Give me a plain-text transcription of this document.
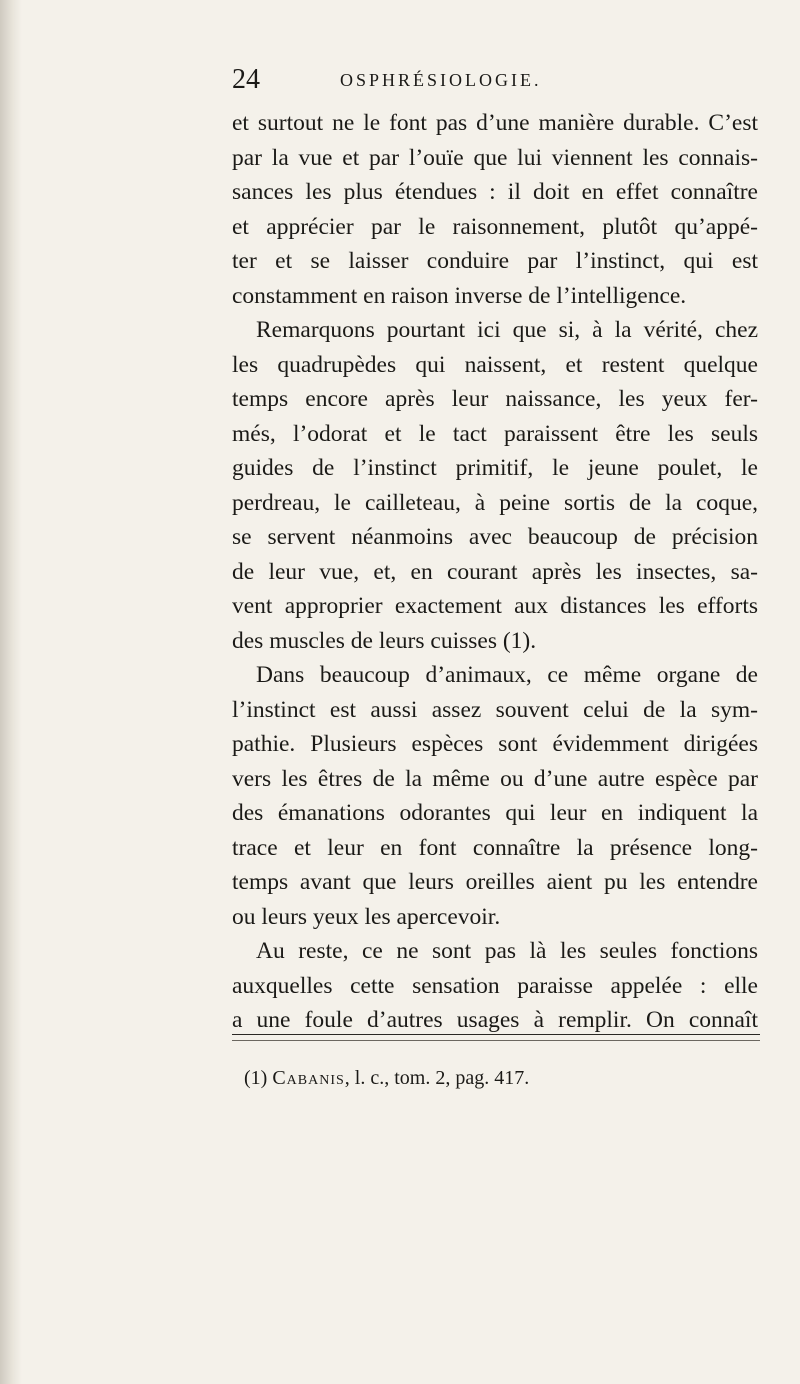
24	OSPHRÉSIOLOGIE.
et surtout ne le font pas d’une manière durable. C’est
par la vue et par l’ouïe que lui viennent les connais-
sances les plus étendues : il doit en effet connaître
et apprécier par le raisonnement, plutôt qu’appé-
ter et se laisser conduire par l’instinct, qui est
constamment en raison inverse de l’intelligence.
Remarquons pourtant ici que si, à la vérité, chez
les quadrupèdes qui naissent, et restent quelque
temps encore après leur naissance, les yeux fer-
més, l’odorat et le tact paraissent être les seuls
guides de l’instinct primitif, le jeune poulet, le
perdreau, le cailleteau, à peine sortis de la coque,
se servent néanmoins avec beaucoup de précision
de leur vue, et, en courant après les insectes, sa-
vent approprier exactement aux distances les efforts
des muscles de leurs cuisses (1).
Dans beaucoup d’animaux, ce même organe de
l’instinct est aussi assez souvent celui de la sym-
pathie. Plusieurs espèces sont évidemment dirigées
vers les êtres de la même ou d’une autre espèce par
des émanations odorantes qui leur en indiquent la
trace et leur en font connaître la présence long-
temps avant que leurs oreilles aient pu les entendre
ou leurs yeux les apercevoir.
Au reste, ce ne sont pas là les seules fonctions
auxquelles cette sensation paraisse appelée : elle
a une foule d’autres usages à remplir. On connaît
(1) Cabanis, l. c., tom. 2, pag. 417.
